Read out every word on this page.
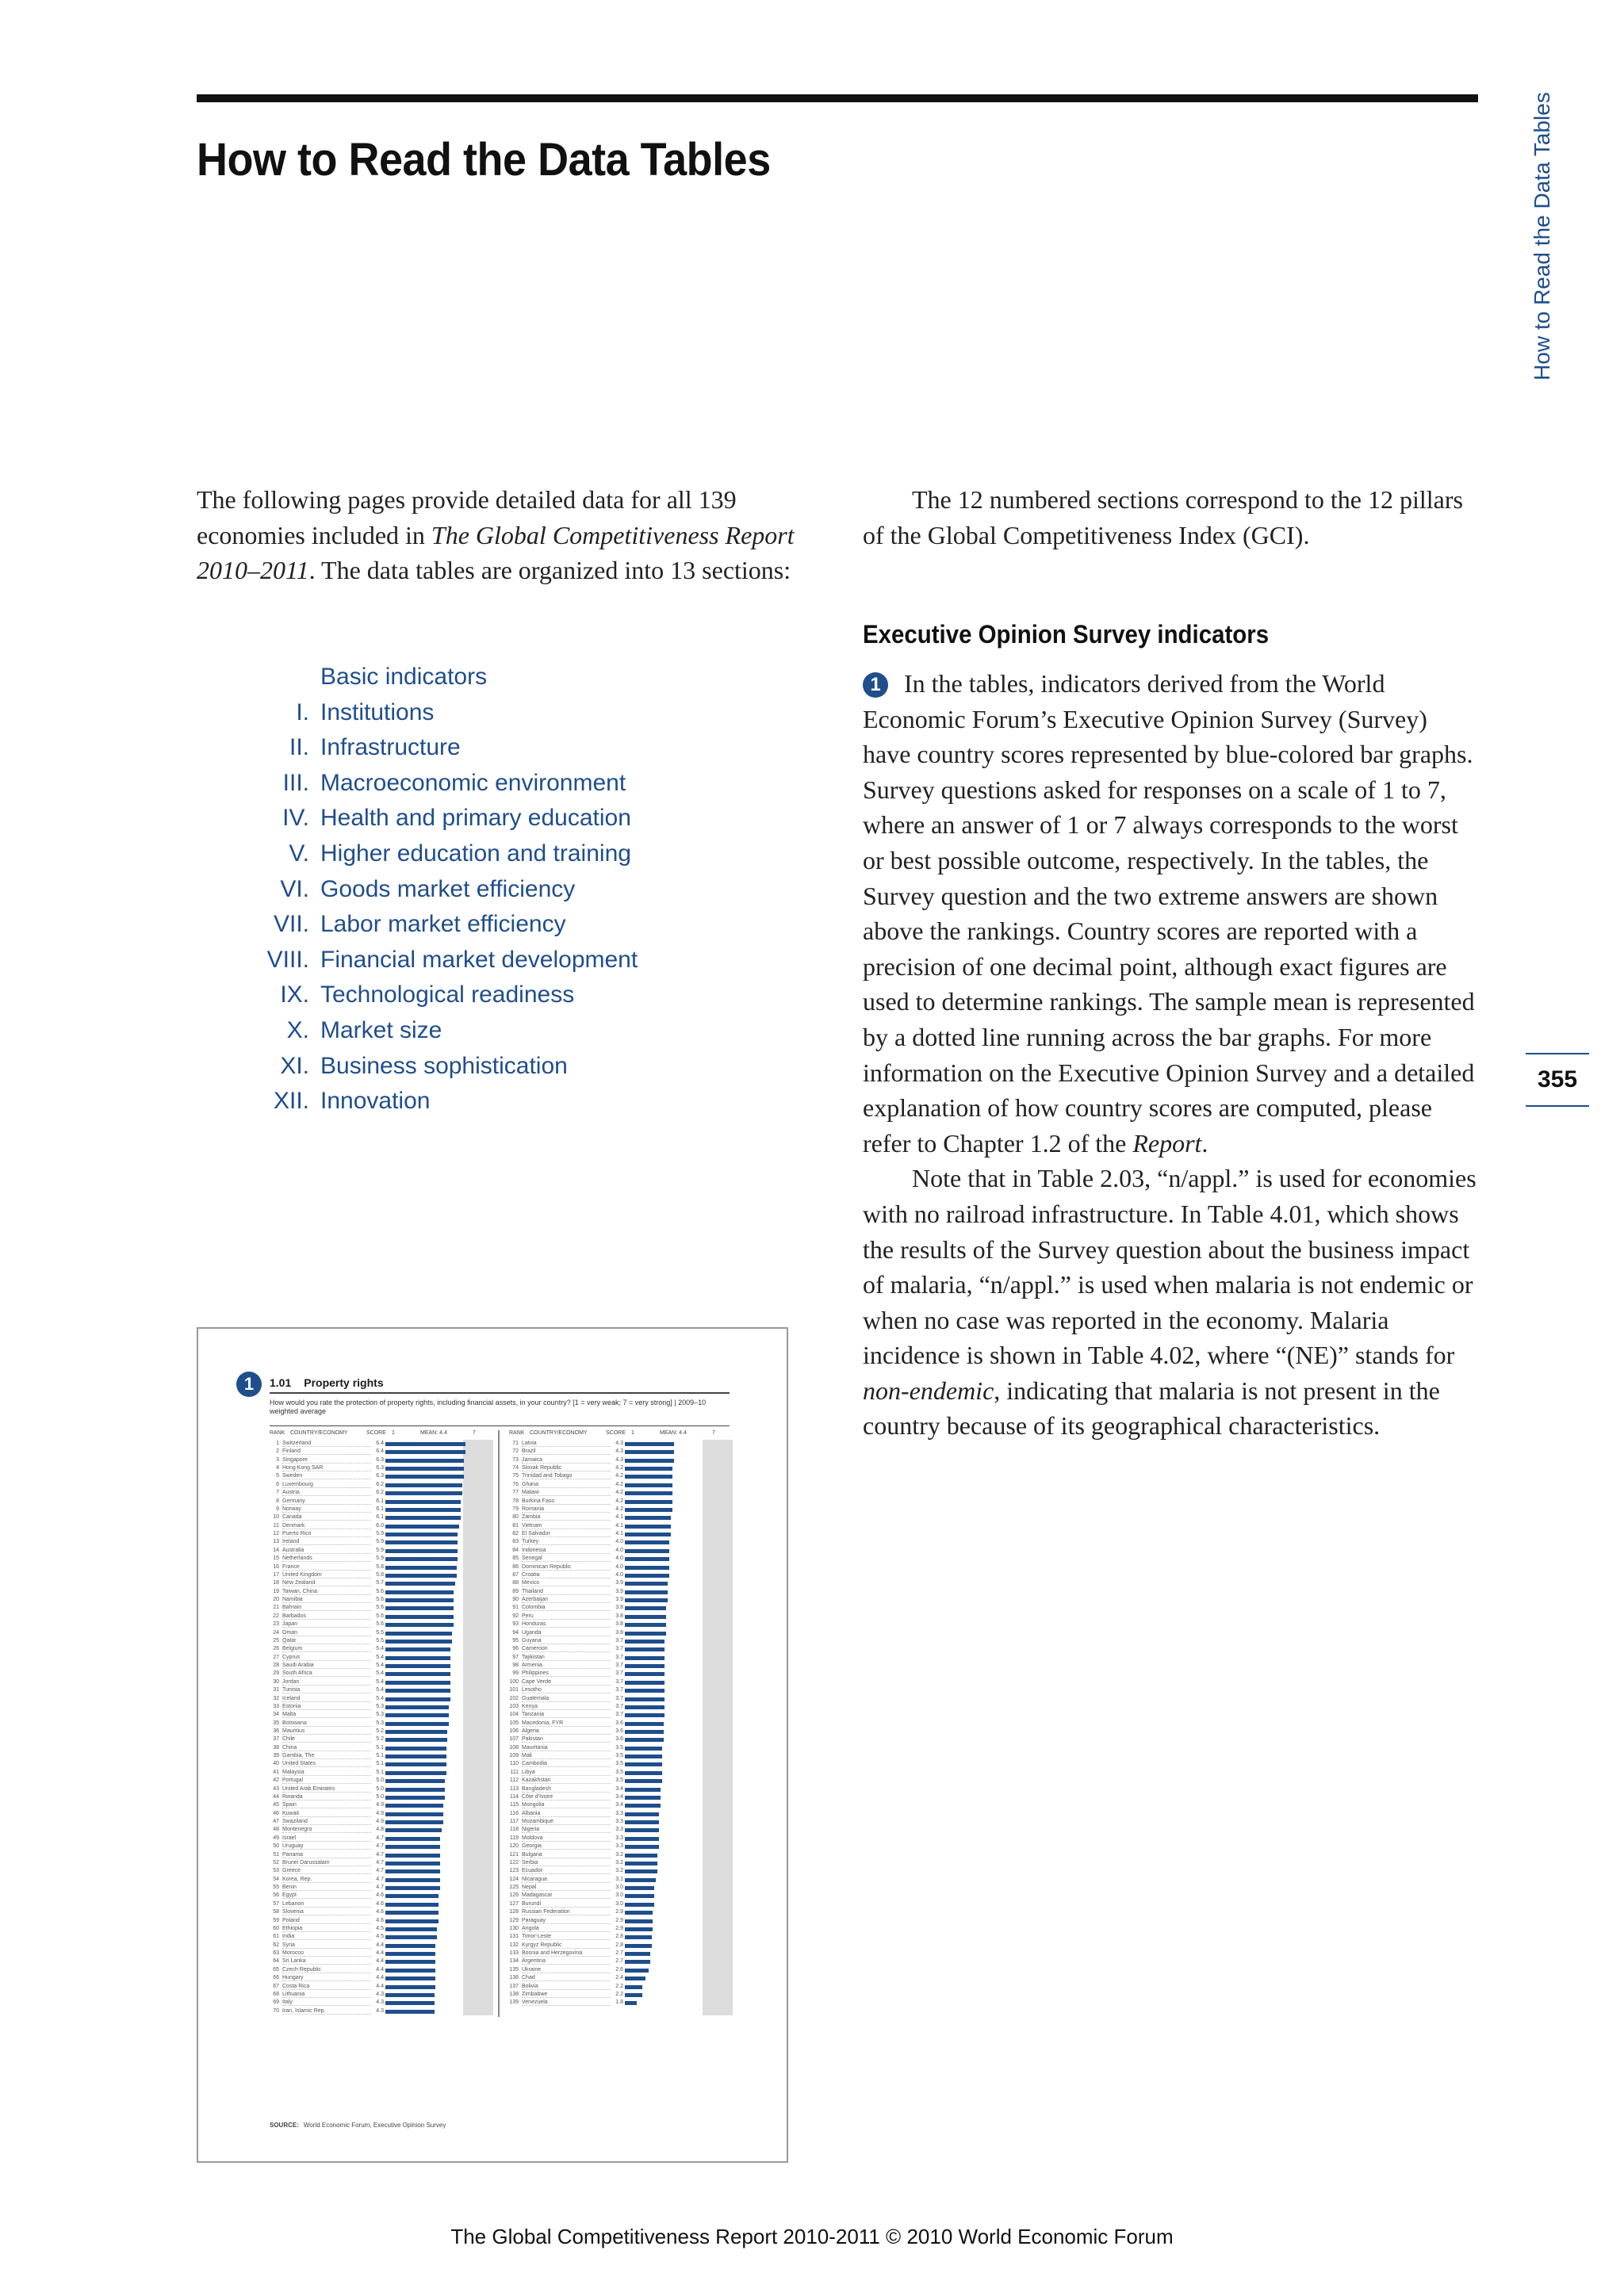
How to Read the Data Tables	How to Read the Data Tables
355

The following pages provide detailed data for all 139 economies included in The Global Competitiveness Report 2010–2011. The data tables are organized into 13 sections:

Basic indicators
I. Institutions
II. Infrastructure
III. Macroeconomic environment
IV. Health and primary education
V. Higher education and training
VI. Goods market efficiency
VII. Labor market efficiency
VIII. Financial market development
IX. Technological readiness
X. Market size
XI. Business sophistication
XII. Innovation

The 12 numbered sections correspond to the 12 pillars of the Global Competitiveness Index (GCI).

Executive Opinion Survey indicators

1 In the tables, indicators derived from the World Economic Forum’s Executive Opinion Survey (Survey) have country scores represented by blue-colored bar graphs. Survey questions asked for responses on a scale of 1 to 7, where an answer of 1 or 7 always corresponds to the worst or best possible outcome, respectively. In the tables, the Survey question and the two extreme answers are shown above the rankings. Country scores are reported with a precision of one decimal point, although exact figures are used to determine rankings. The sample mean is represented by a dotted line running across the bar graphs. For more information on the Executive Opinion Survey and a detailed explanation of how country scores are computed, please refer to Chapter 1.2 of the Report.

Note that in Table 2.03, “n/appl.” is used for economies with no railroad infrastructure. In Table 4.01, which shows the results of the Survey question about the business impact of malaria, “n/appl.” is used when malaria is not endemic or when no case was reported in the economy. Malaria incidence is shown in Table 4.02, where “(NE)” stands for non-endemic, indicating that malaria is not present in the country because of its geographical characteristics.

1	1.01 Property rights
How would you rate the protection of property rights, including financial assets, in your country? [1 = very weak; 7 = very strong] | 2009–10 weighted average
RANK COUNTRY/ECONOMY	SCORE 1	MEAN: 4.4	7	RANK COUNTRY/ECONOMY	SCORE 1	MEAN: 4.4	7
1 Switzerland	6.4
2 Finland	6.4
3 Singapore	6.3
4 Hong Kong SAR	6.3
5 Sweden	6.3
6 Luxembourg	6.2
7 Austria	6.2
8 Germany	6.1
9 Norway	6.1
10 Canada	6.1
11 Denmark	6.0
12 Puerto Rico	5.9
13 Ireland	5.9
14 Australia	5.9
15 Netherlands	5.9
16 France	5.8
17 United Kingdom	5.8
18 New Zealand	5.7
19 Taiwan, China	5.6
20 Namibia	5.6
21 Bahrain	5.6
22 Barbados	5.6
23 Japan	5.6
24 Oman	5.5
25 Qatar	5.5
26 Belgium	5.4
27 Cyprus	5.4
28 Saudi Arabia	5.4
29 South Africa	5.4
30 Jordan	5.4
31 Tunisia	5.4
32 Iceland	5.4
33 Estonia	5.3
34 Malta	5.3
35 Botswana	5.3
36 Mauritius	5.2
37 Chile	5.2
38 China	5.1
39 Gambia, The	5.1
40 United States	5.1
41 Malaysia	5.1
42 Portugal	5.0
43 United Arab Emirates	5.0
44 Rwanda	5.0
45 Spain	4.9
46 Kuwait	4.9
47 Swaziland	4.9
48 Montenegro	4.8
49 Israel	4.7
50 Uruguay	4.7
51 Panama	4.7
52 Brunei Darussalam	4.7
53 Greece	4.7
54 Korea, Rep.	4.7
55 Benin	4.7
56 Egypt	4.6
57 Lebanon	4.6
58 Slovenia	4.6
59 Poland	4.6
60 Ethiopia	4.5
61 India	4.5
62 Syria	4.4
63 Morocco	4.4
64 Sri Lanka	4.4
65 Czech Republic	4.4
66 Hungary	4.4
67 Costa Rica	4.4
68 Lithuania	4.3
69 Italy	4.3
70 Iran, Islamic Rep.	4.3
71 Latvia	4.3
72 Brazil	4.3
73 Jamaica	4.3
74 Slovak Republic	4.2
75 Trinidad and Tobago	4.2
76 Ghana	4.2
77 Malawi	4.2
78 Burkina Faso	4.2
79 Romania	4.2
80 Zambia	4.1
81 Vietnam	4.1
82 El Salvador	4.1
83 Turkey	4.0
84 Indonesia	4.0
85 Senegal	4.0
86 Dominican Republic	4.0
87 Croatia	4.0
88 Mexico	3.9
89 Thailand	3.9
90 Azerbaijan	3.9
91 Colombia	3.8
92 Peru	3.8
93 Honduras	3.8
94 Uganda	3.8
95 Guyana	3.7
96 Cameroon	3.7
97 Tajikistan	3.7
98 Armenia	3.7
99 Philippines	3.7
100 Cape Verde	3.7
101 Lesotho	3.7
102 Guatemala	3.7
103 Kenya	3.7
104 Tanzania	3.7
105 Macedonia, FYR	3.6
106 Algeria	3.6
107 Pakistan	3.6
108 Mauritania	3.5
109 Mali	3.5
110 Cambodia	3.5
111 Libya	3.5
112 Kazakhstan	3.5
113 Bangladesh	3.4
114 Côte d’Ivoire	3.4
115 Mongolia	3.4
116 Albania	3.3
117 Mozambique	3.3
118 Nigeria	3.3
119 Moldova	3.3
120 Georgia	3.3
121 Bulgaria	3.2
122 Serbia	3.2
123 Ecuador	3.2
124 Nicaragua	3.1
125 Nepal	3.0
126 Madagascar	3.0
127 Burundi	3.0
128 Russian Federation	2.9
129 Paraguay	2.9
130 Angola	2.9
131 Timor-Leste	2.8
132 Kyrgyz Republic	2.8
133 Bosnia and Herzegovina	2.7
134 Argentina	2.7
135 Ukraine	2.6
136 Chad	2.4
137 Bolivia	2.2
138 Zimbabwe	2.2
139 Venezuela	1.8
SOURCE: World Economic Forum, Executive Opinion Survey
The Global Competitiveness Report 2010-2011 © 2010 World Economic Forum
